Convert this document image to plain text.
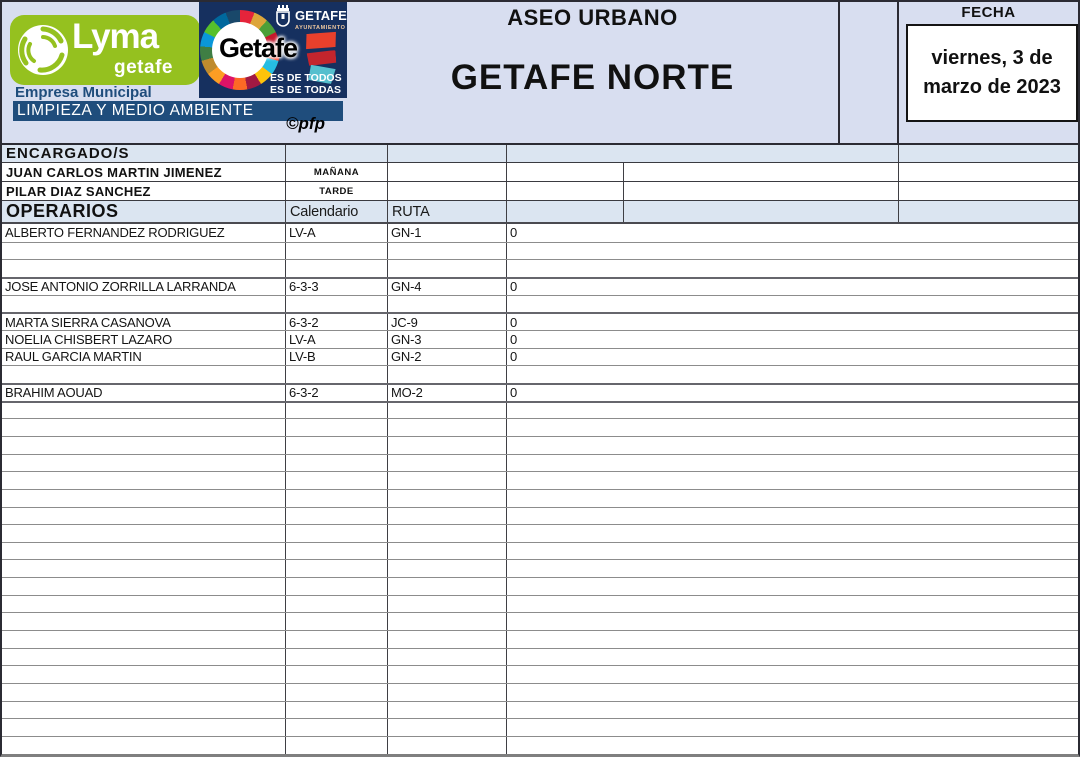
Lyma
getafe
GETAFE
AYUNTAMIENTO
Getafe
ES DE TODOS
ES DE TODAS
Empresa Municipal
LIMPIEZA Y MEDIO AMBIENTE
©pfp
ASEO URBANO
GETAFE NORTE
FECHA
viernes, 3 de
marzo de 2023
ENCARGADO/S
JUAN CARLOS MARTIN JIMENEZ	MAÑANA
PILAR DIAZ SANCHEZ	TARDE
OPERARIOS	Calendario	RUTA
ALBERTO FERNANDEZ RODRIGUEZ	LV-A	GN-1	0
JOSE ANTONIO ZORRILLA LARRANDA	6-3-3	GN-4	0
MARTA SIERRA CASANOVA	6-3-2	JC-9	0
NOELIA CHISBERT LAZARO	LV-A	GN-3	0
RAUL GARCIA MARTIN	LV-B	GN-2	0
BRAHIM AOUAD	6-3-2	MO-2	0
